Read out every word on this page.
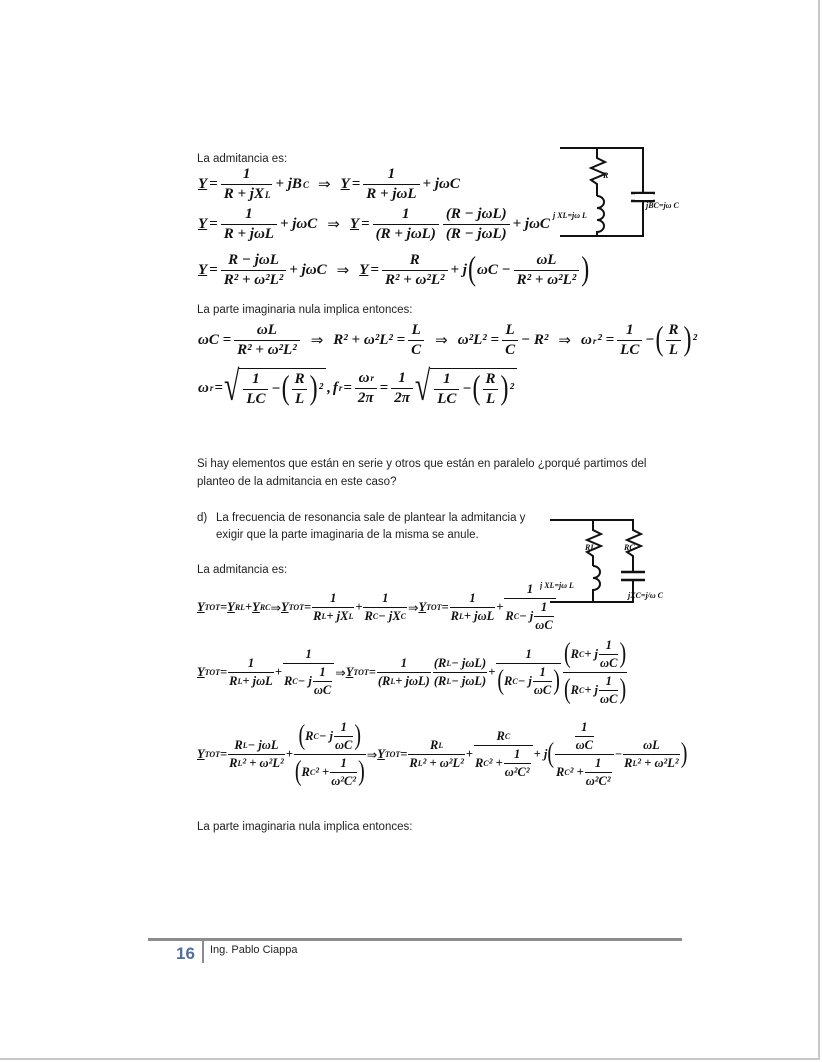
La admitancia es:
$Y = \frac{1}{\text{R + jX L}}$ + jB C ⇒ $Y = \frac{1}{\text{R + jωL}} + j\omega C$
$Y = \frac{1}{\text{R + jωL}} + j\omega C$ ⇒ $Y = \frac{1}{\text{(R + jωL)}} \frac{\text{(R − jωL)}}{\text{(R − jωL)}} + j\omega C$
$Y = \frac{\text{R − jωL}}{\text{R² + ω²L²}} + j\omega C$ ⇒ $Y = \frac{R}{\text{R² + ω²L²}} + j$ ( $\omega C - \frac{\omega L}{\text{R² + ω²L²}}$ )
La parte imaginaria nula implica entonces:
$\omega C = \frac{\omega L}{\text{R² + ω²L²}}$ ⇒ $R^2 + \omega^2L^2 = \frac{L}{C}$ ⇒ $\omega^2L^2 = \frac{L}{C} - R^2$ ⇒ ω r $^2 = \frac{1}{LC}$ − ( $\frac{R}{L}$ ) ²
ω r = √ $\frac{1}{LC}$ − ( $\frac{R}{L}$ ) ² , f $r = \frac{\text{ω r}}{2\pi} = \frac{1}{2\pi}$ √ $\frac{1}{LC}$ − ( $\frac{R}{L}$ ) ²
Si hay elementos que están en serie y otros que están en paralelo ¿porqué partimos del
planteo de la admitancia en este caso?
d) La frecuencia de resonancia sale de plantear la admitancia y
exigir que la parte imaginaria de la misma se anule.
La admitancia es:
Y TOT = Y RL + Y RC ⇒ Y TOT = $\frac{1}{\text{R L + jX L}} + \frac{1}{\text{R C − jX C}}$ ⇒ Y TOT = $\frac{1}{\text{R L + jωL}} + \frac{1}{R C - j \frac{1}{\omega C}}$
Y TOT = $\frac{1}{\text{R L + jωL}} + \frac{1}{R C - j \frac{1}{\omega C}}$ ⇒ Y TOT = $\frac{1}{\text{(R L + jωL)}} \frac{\text{(R L − jωL)}}{\text{(R L − jωL)}} + \frac{1}{( R C - j \frac{1}{\omega C} )} \frac{( R C + j \frac{1}{\omega C} )}{( R C + j \frac{1}{\omega C} )}$
Y TOT = $\frac{\text{R L − jωL}}{\text{R L ² + ω²L²}} + \frac{( R C - j \frac{1}{\omega C} )}{( R C ^2 + \frac{1}{\text{ω²C²}} )}$ ⇒ Y TOT = $\frac{\text{R L}}{\text{R L ² + ω²L²}} + \frac{\text{R C}}{R C ^2 + \frac{1}{\text{ω²C²}}} + j$ ( $\frac{\frac{1}{\omega C}}{R C ^2 + \frac{1}{\text{ω²C²}}} - \frac{\omega L}{\text{R L ² + ω²L²}}$ )
La parte imaginaria nula implica entonces:
R
j XL=jω L
jBC=jω C
RL	RC
j XL=jω L
jXC=j/ω C
16 Ing. Pablo Ciappa
